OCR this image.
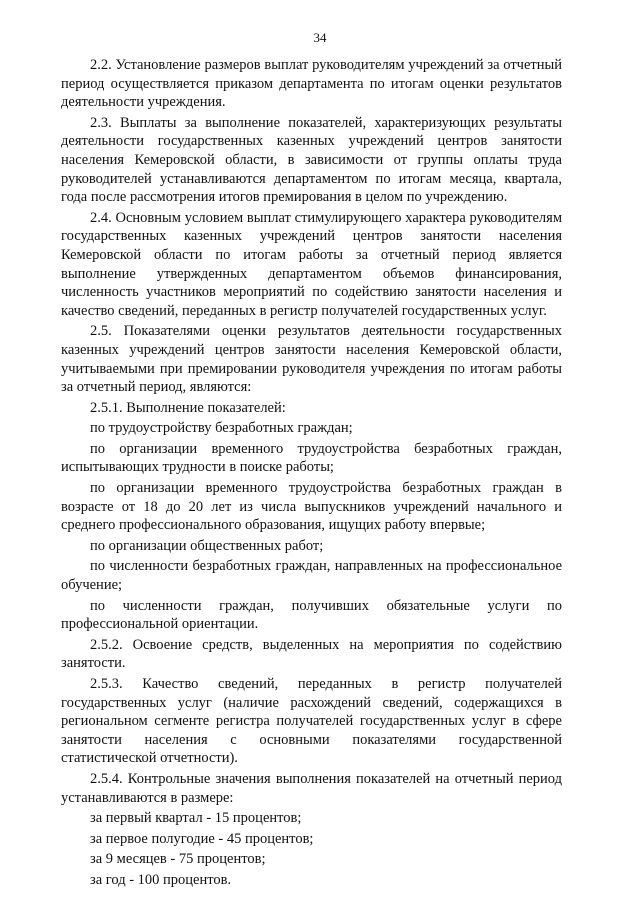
34

2.2. Установление размеров выплат руководителям учреждений за отчетный период осуществляется приказом департамента по итогам оценки результатов деятельности учреждения.

2.3. Выплаты за выполнение показателей, характеризующих результаты деятельности государственных казенных учреждений центров занятости населения Кемеровской области, в зависимости от группы оплаты труда руководителей устанавливаются департаментом по итогам месяца, квартала, года после рассмотрения итогов премирования в целом по учреждению.

2.4. Основным условием выплат стимулирующего характера руководителям государственных казенных учреждений центров занятости населения Кемеровской области по итогам работы за отчетный период является выполнение утвержденных департаментом объемов финансирования, численность участников мероприятий по содействию занятости населения и качество сведений, переданных в регистр получателей государственных услуг.

2.5. Показателями оценки результатов деятельности государственных казенных учреждений центров занятости населения Кемеровской области, учитываемыми при премировании руководителя учреждения по итогам работы за отчетный период, являются:

2.5.1. Выполнение показателей:

по трудоустройству безработных граждан;

по организации временного трудоустройства безработных граждан, испытывающих трудности в поиске работы;

по организации временного трудоустройства безработных граждан в возрасте от 18 до 20 лет из числа выпускников учреждений начального и среднего профессионального образования, ищущих работу впервые;

по организации общественных работ;

по численности безработных граждан, направленных на профессиональное обучение;

по численности граждан, получивших обязательные услуги по профессиональной ориентации.

2.5.2. Освоение средств, выделенных на мероприятия по содействию занятости.

2.5.3. Качество сведений, переданных в регистр получателей государственных услуг (наличие расхождений сведений, содержащихся в региональном сегменте регистра получателей государственных услуг в сфере занятости населения с основными показателями государственной статистической отчетности).

2.5.4. Контрольные значения выполнения показателей на отчетный период устанавливаются в размере:

за первый квартал - 15 процентов;

за первое полугодие - 45 процентов;

за 9 месяцев - 75 процентов;

за год - 100 процентов.
